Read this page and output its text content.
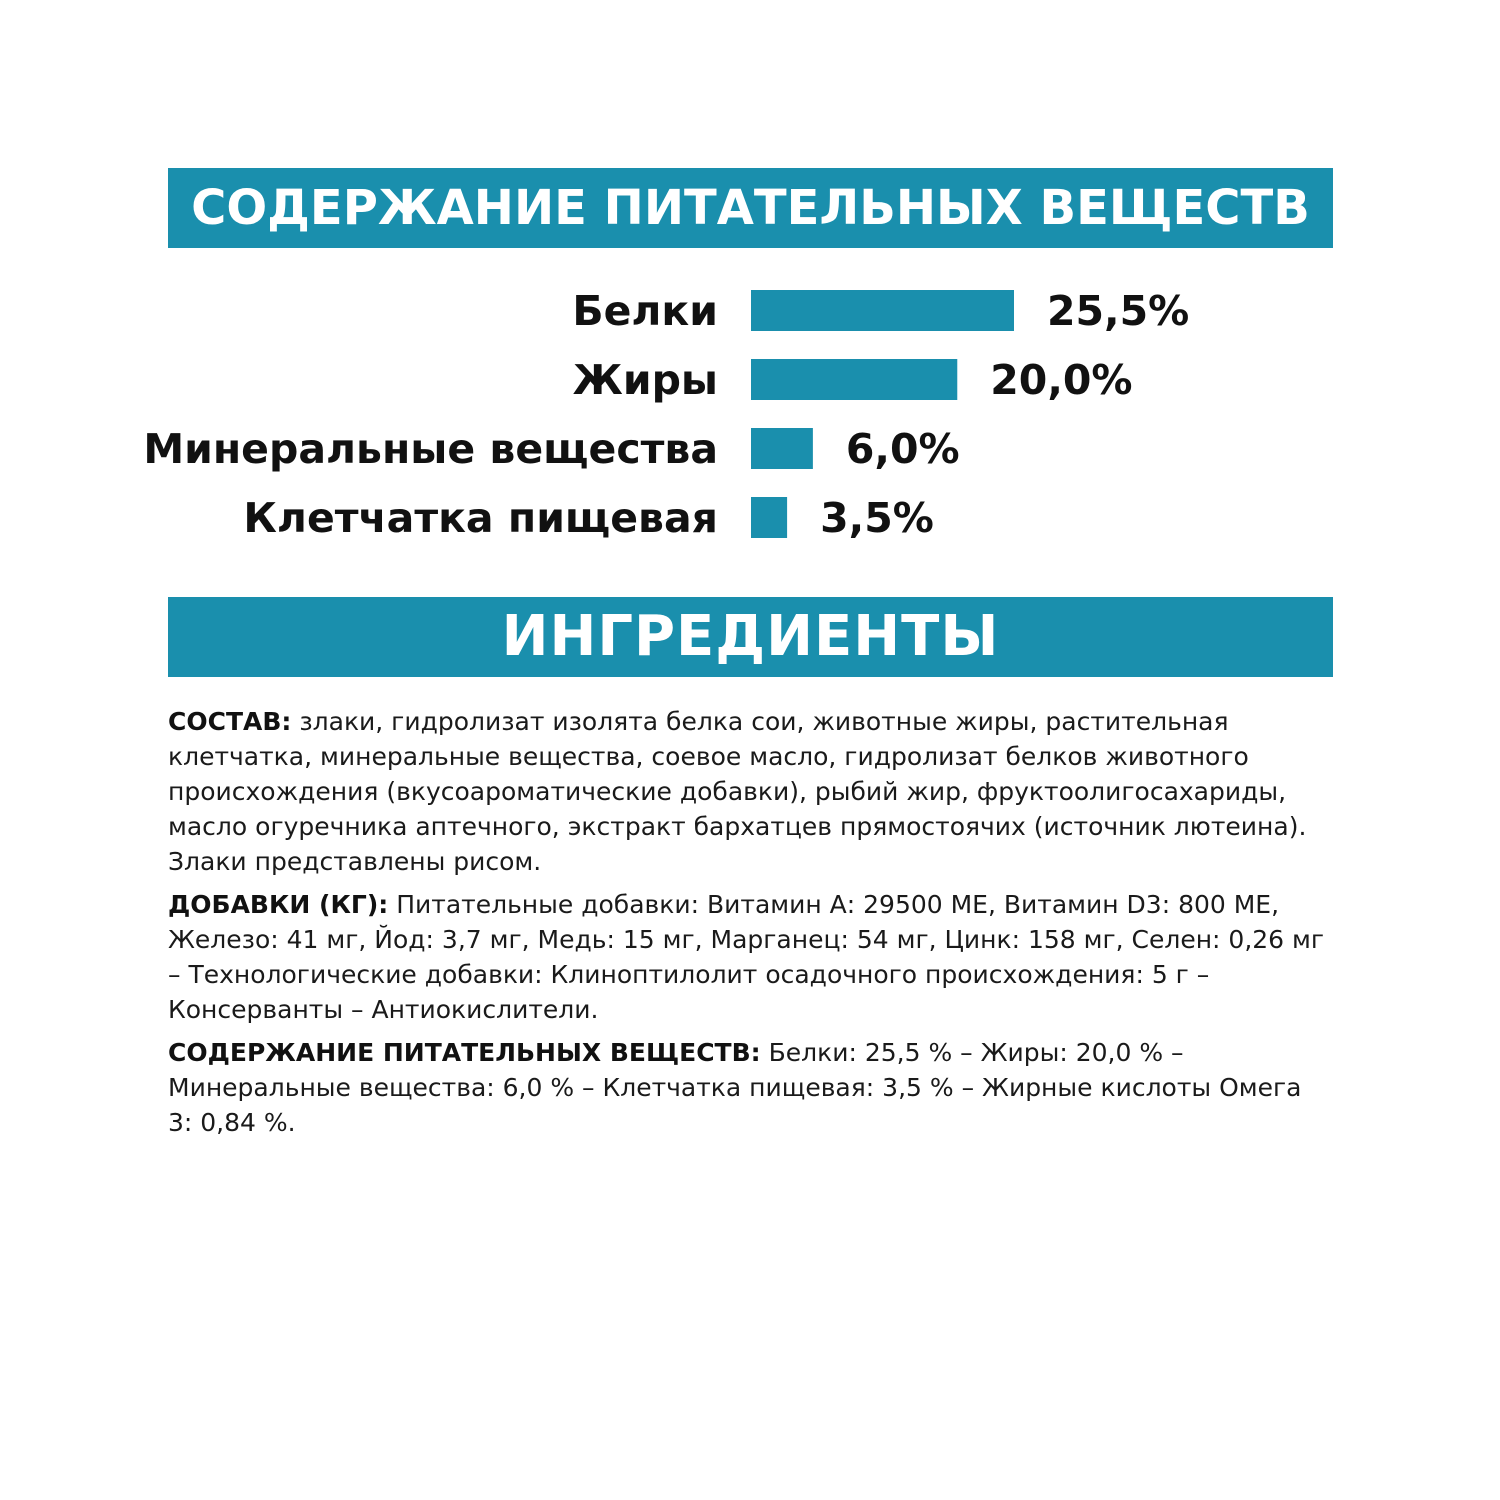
СОДЕРЖАНИЕ ПИТАТЕЛЬНЫХ ВЕЩЕСТВ
Белки	25,5%
Жиры	20,0%
Минеральные вещества	6,0%
Клетчатка пищевая 3,5%
ИНГРЕДИЕНТЫ

СОСТАВ: злаки, гидролизат изолята белка сои, животные жиры, растительная клетчатка, минеральные вещества, соевое масло, гидролизат белков животного происхождения (вкусоароматические добавки), рыбий жир, фруктоолигосахариды, масло огуречника аптечного, экстракт бархатцев прямостоячих (источник лютеина). Злаки представлены рисом.

ДОБАВКИ (КГ): Питательные добавки: Витамин А: 29500 МЕ, Витамин D3: 800 МЕ, Железо: 41 мг, Йод: 3,7 мг, Медь: 15 мг, Марганец: 54 мг, Цинк: 158 мг, Селен: 0,26 мг – Технологические добавки: Клиноптилолит осадочного происхождения: 5 г – Консерванты – Антиокислители.

СОДЕРЖАНИЕ ПИТАТЕЛЬНЫХ ВЕЩЕСТВ: Белки: 25,5 % – Жиры: 20,0 % – Минеральные вещества: 6,0 % – Клетчатка пищевая: 3,5 % – Жирные кислоты Омега 3: 0,84 %.
